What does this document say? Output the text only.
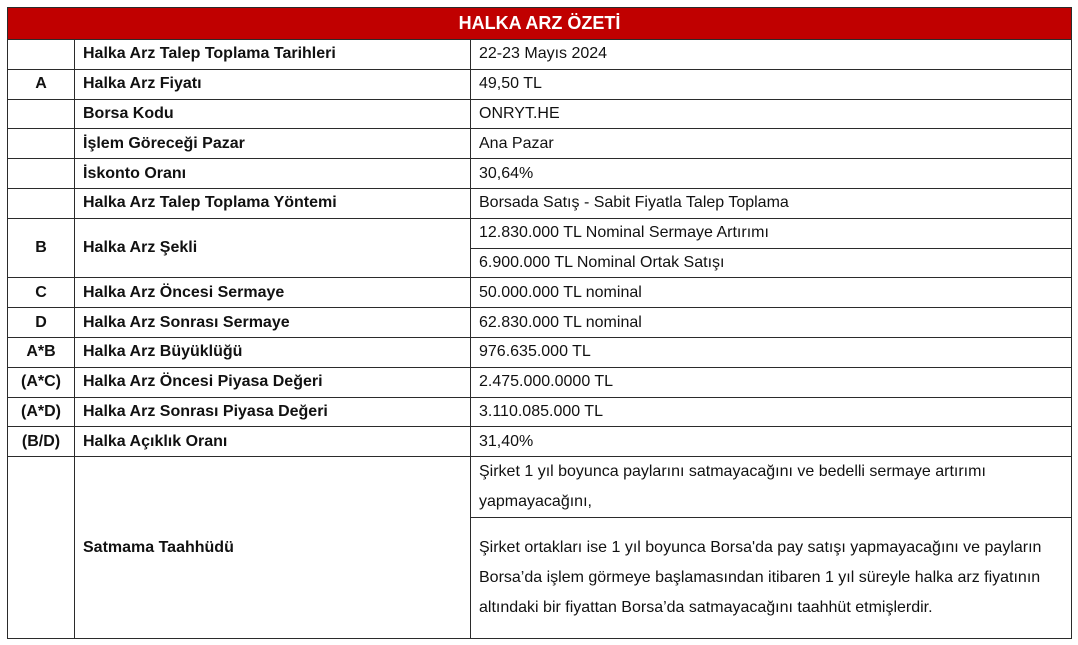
HALKA ARZ ÖZETİ		
	Halka Arz Talep Toplama Tarihleri	22-23 Mayıs 2024
A	Halka Arz Fiyatı	49,50 TL
	Borsa Kodu	ONRYT.HE
	İşlem Göreceği Pazar	Ana Pazar
	İskonto Oranı	30,64%
	Halka Arz Talep Toplama Yöntemi	Borsada Satış - Sabit Fiyatla Talep Toplama
B	Halka Arz Şekli	12.830.000 TL Nominal Sermaye Artırımı
		6.900.000 TL Nominal Ortak Satışı
C	Halka Arz Öncesi Sermaye	50.000.000 TL nominal
D	Halka Arz Sonrası Sermaye	62.830.000 TL nominal
A*B	Halka Arz Büyüklüğü	976.635.000 TL
(A*C)	Halka Arz Öncesi Piyasa Değeri	2.475.000.0000 TL
(A*D)	Halka Arz Sonrası Piyasa Değeri	3.110.085.000 TL
(B/D)	Halka Açıklık Oranı	31,40%
	Satmama Taahhüdü	Şirket 1 yıl boyunca paylarını satmayacağını ve bedelli sermaye artırımı yapmayacağını,
		Şirket ortakları ise 1 yıl boyunca Borsa'da pay satışı yapmayacağını ve payların Borsa’da işlem görmeye başlamasından itibaren 1 yıl süreyle halka arz fiyatının altındaki bir fiyattan Borsa’da satmayacağını taahhüt etmişlerdir.
